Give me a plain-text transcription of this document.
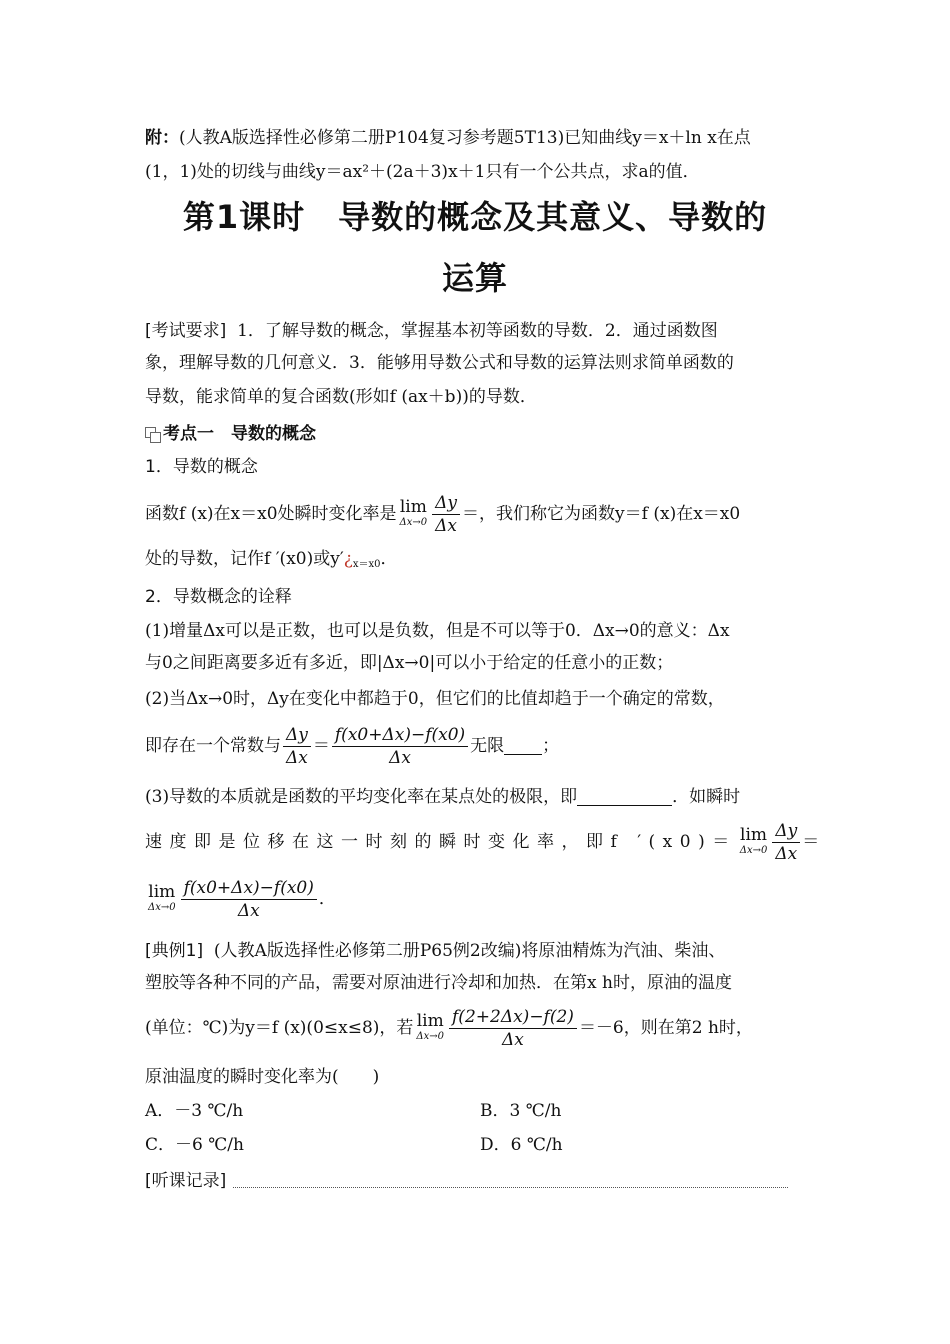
附：(人教A版选择性必修第二册P104复习参考题5T13)已知曲线y＝x＋ln x在点
(1，1)处的切线与曲线y＝ax²＋(2a＋3)x＋1只有一个公共点，求a的值．
第1课时　导数的概念及其意义、导数的
运算
[考试要求] 1．了解导数的概念，掌握基本初等函数的导数．2．通过函数图
象，理解导数的几何意义．3．能够用导数公式和导数的运算法则求简单函数的
导数，能求简单的复合函数(形如f (ax＋b))的导数．
考点一　导数的概念
1．导数的概念
函数f (x)在x＝x0处瞬时变化率是 lim
$\Delta x\to 0 \frac{\Delta y}{\Delta x}$ ＝，我们称它为函数y＝f (x)在x＝x0
处的导数，记作f ′(x0)或$y'¿_{x=x0}$．
2．导数概念的诠释
(1)增量Δx可以是正数，也可以是负数，但是不可以等于0．Δx→0的意义：Δx
与0之间距离要多近有多近，即|Δx→0|可以小于给定的任意小的正数；
(2)当Δx→0时，Δy在变化中都趋于0，但它们的比值却趋于一个确定的常数，
即存在一个常数与 $\frac{\Delta y}{\Delta x} = \frac{f(x0+\Delta x)-f(x0)}{\Delta x}$ 无限 ；
(3)导数的本质就是函数的平均变化率在某点处的极限，即	．如瞬时
速度即是位移在这一时刻的瞬时变化率，即f ′(x0)＝ lim
$\Delta x\to 0 \frac{\Delta y}{\Delta x}$ ＝
lim
$\Delta x\to 0 \frac{f(x0+\Delta x)-f(x0)}{\Delta x}$ ．
[典例1] (人教A版选择性必修第二册P65例2改编)将原油精炼为汽油、柴油、
塑胶等各种不同的产品，需要对原油进行冷却和加热．在第x h时，原油的温度
(单位：℃)为y＝f (x)(0≤x≤8)，若 lim
$\Delta x\to 0 \frac{f(2+2\Delta x)-f(2)}{\Delta x} =-6$，则在第2 h时，
原油温度的瞬时变化率为(　　)
A．－3 ℃/h	B．3 ℃/h
C．－6 ℃/h	D．6 ℃/h
[听课记录]
